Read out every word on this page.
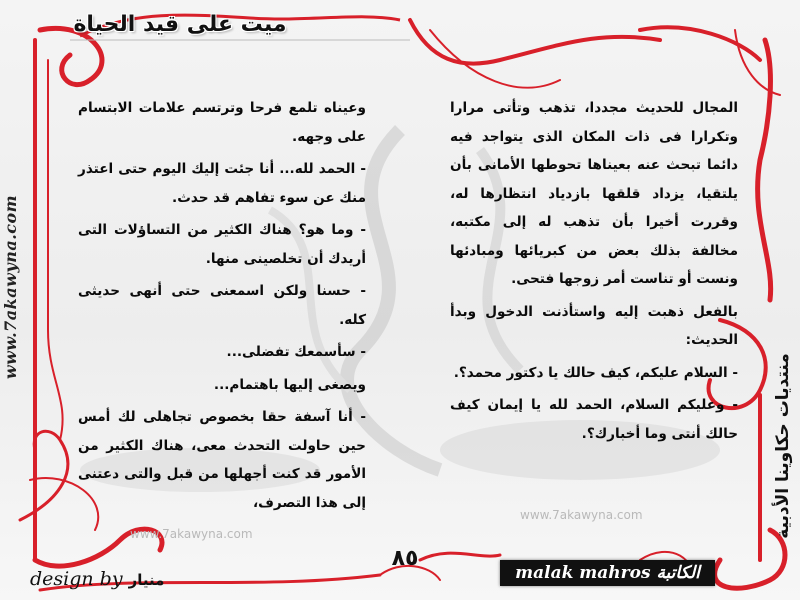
ميت على قيد الحياة
www.7akawyna.com
منتديات حكاوينا الأدبية
www.7akawyna.com
www.7akawyna.com

المجال للحديث مجددا، تذهب وتأتى مرارا وتكرارا فى ذات المكان الذى يتواجد فيه دائما تبحث عنه بعيناها تحوطها الأمانى بأن يلتقيا، يزداد قلقها بازدياد انتظارها له، وقررت أخيرا بأن تذهب له إلى مكتبه، مخالفة بذلك بعض من كبريائها ومبادئها ونست أو تناست أمر زوجها فتحى.

بالفعل ذهبت إليه واستأذنت الدخول وبدأ الحديث:

- السلام عليكم، كيف حالك يا دكتور محمد؟.

- وعليكم السلام، الحمد لله يا إيمان كيف حالك أنتى وما أخبارك؟.

وعيناه تلمع فرحا وترتسم علامات الابتسام على وجهه.

- الحمد لله... أنا جئت إليك اليوم حتى اعتذر منك عن سوء تفاهم قد حدث.

- وما هو؟ هناك الكثير من التساؤلات التى أريدك أن تخلصينى منها.

- حسنا ولكن اسمعنى حتى أنهى حديثى كله.

- سأسمعك تفضلى...

ويصغى إليها باهتمام...

- أنا آسفة حقا بخصوص تجاهلى لك أمس حين حاولت التحدث معى، هناك الكثير من الأمور قد كنت أجهلها من قبل والتى دعتنى إلى هذا التصرف،

٨٥
malak mahros الكاتبة
design by منيار
